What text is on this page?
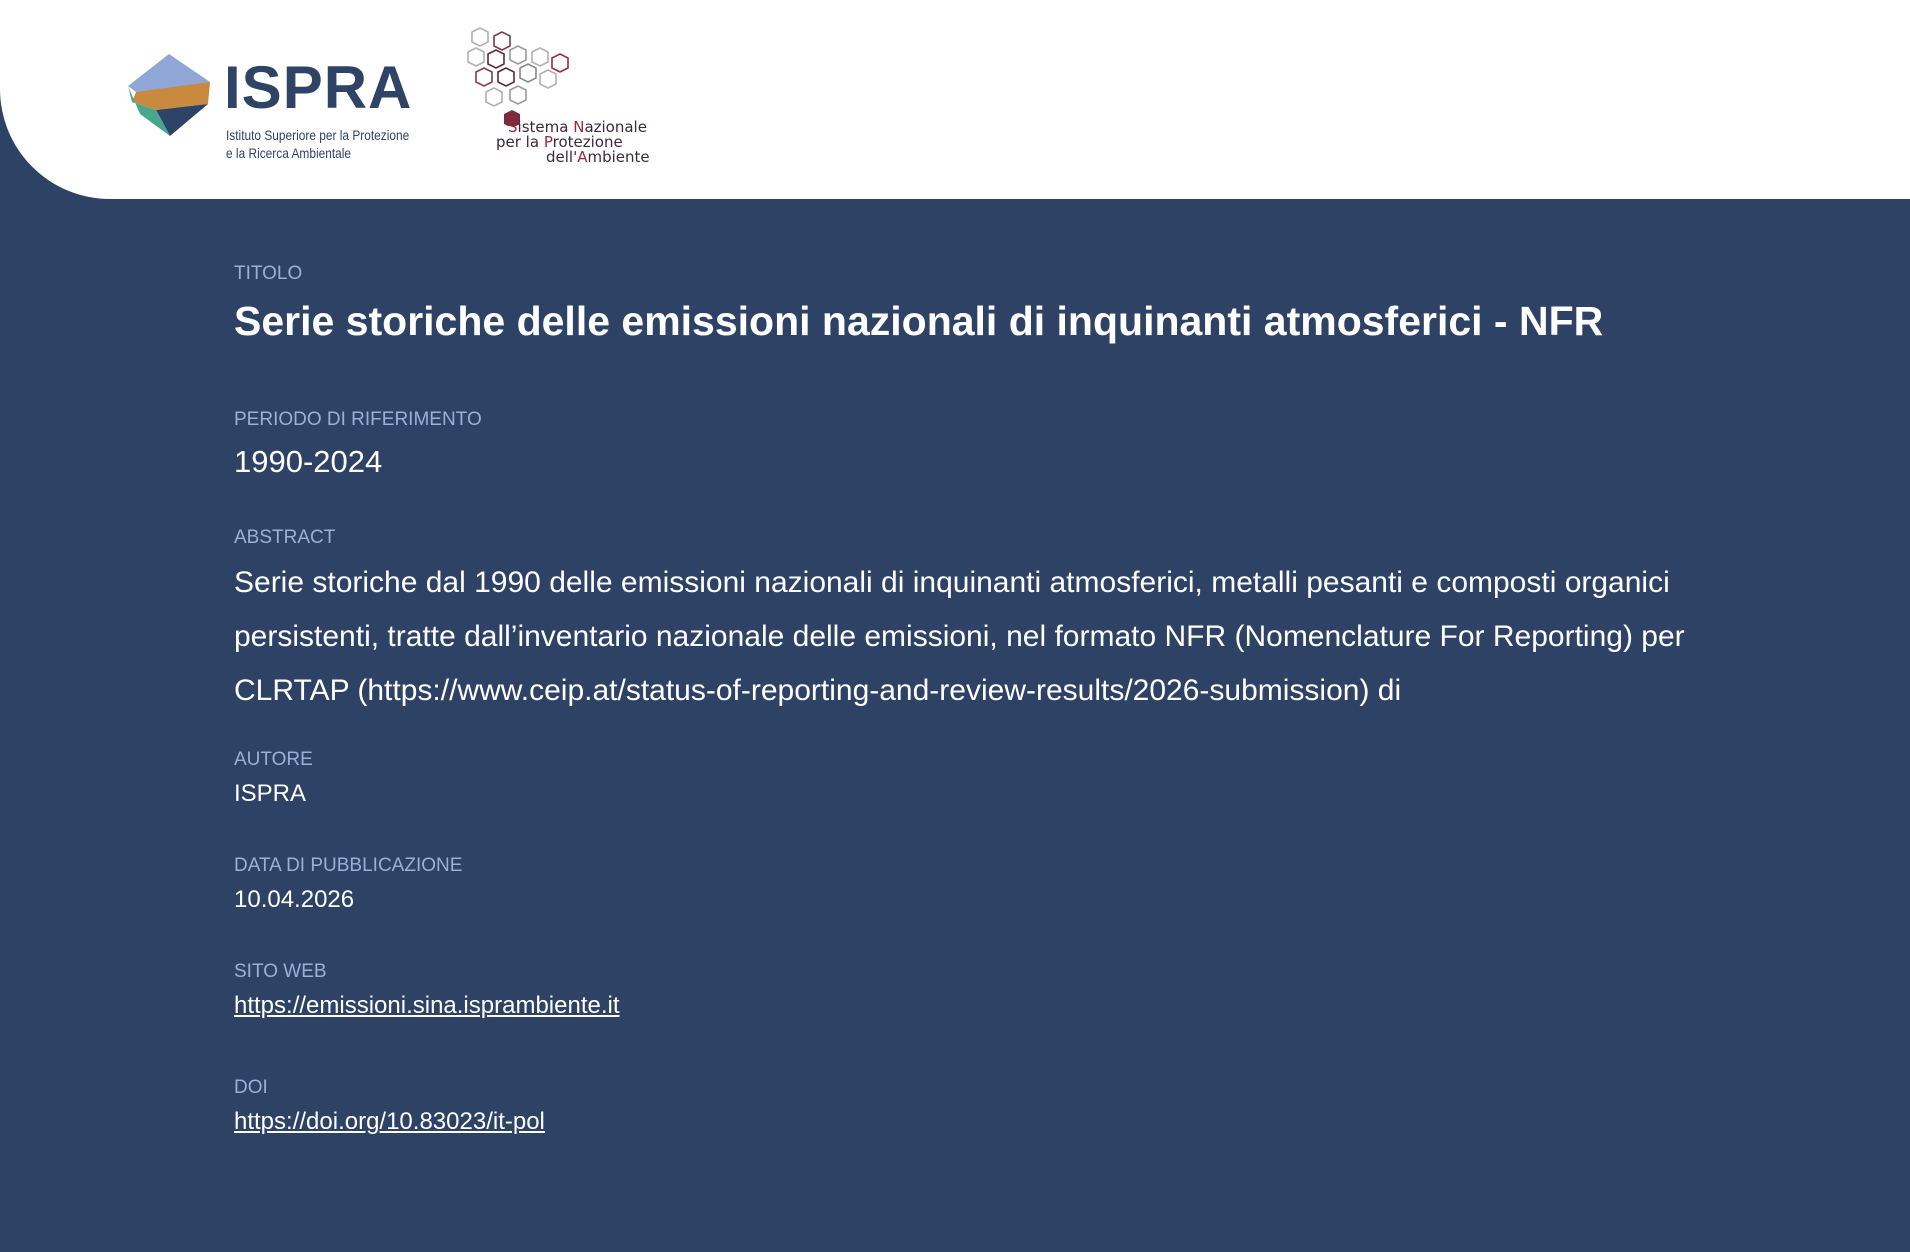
ISPRA
Istituto Superiore per la Protezione
e la Ricerca Ambientale
Sistema Nazionale
per la Protezione
dell'Ambiente
TITOLO
Serie storiche delle emissioni nazionali di inquinanti atmosferici - NFR
PERIODO DI RIFERIMENTO
1990-2024
ABSTRACT
Serie storiche dal 1990 delle emissioni nazionali di inquinanti atmosferici, metalli pesanti e composti organici persistenti, tratte dall’inventario nazionale delle emissioni, nel formato NFR (Nomenclature For Reporting) per CLRTAP (https://www.ceip.at/status-of-reporting-and-review-results/2026-submission) di
AUTORE
ISPRA
DATA DI PUBBLICAZIONE
10.04.2026
SITO WEB
https://emissioni.sina.isprambiente.it
DOI
https://doi.org/10.83023/it-pol
